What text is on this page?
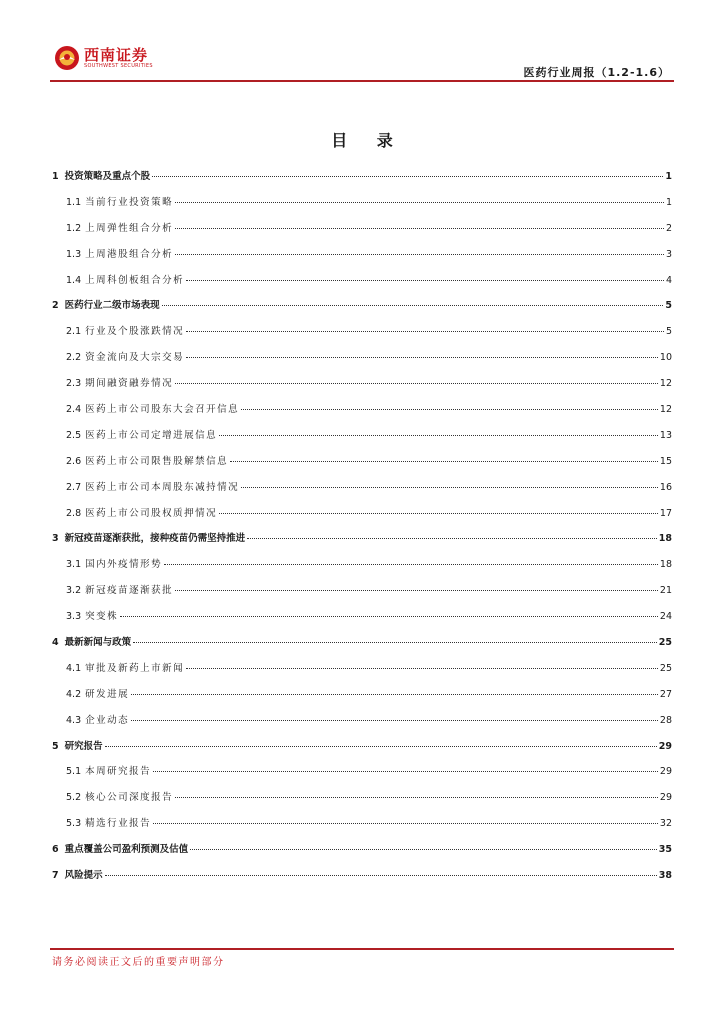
西南证券
SOUTHWEST SECURITIES
医药行业周报（1.2-1.6）
目 录
1 投资策略及重点个股	1
1.1 当前行业投资策略	1
1.2 上周弹性组合分析	2
1.3 上周港股组合分析	3
1.4 上周科创板组合分析	4
2 医药行业二级市场表现	5
2.1 行业及个股涨跌情况	5
2.2 资金流向及大宗交易	10
2.3 期间融资融券情况	12
2.4 医药上市公司股东大会召开信息	12
2.5 医药上市公司定增进展信息	13
2.6 医药上市公司限售股解禁信息	15
2.7 医药上市公司本周股东减持情况	16
2.8 医药上市公司股权质押情况	17
3 新冠疫苗逐渐获批，接种疫苗仍需坚持推进	18
3.1 国内外疫情形势	18
3.2 新冠疫苗逐渐获批	21
3.3 突变株	24
4 最新新闻与政策	25
4.1 审批及新药上市新闻	25
4.2 研发进展	27
4.3 企业动态	28
5 研究报告	29
5.1 本周研究报告	29
5.2 核心公司深度报告	29
5.3 精选行业报告	32
6 重点覆盖公司盈利预测及估值	35
7 风险提示	38
请务必阅读正文后的重要声明部分
